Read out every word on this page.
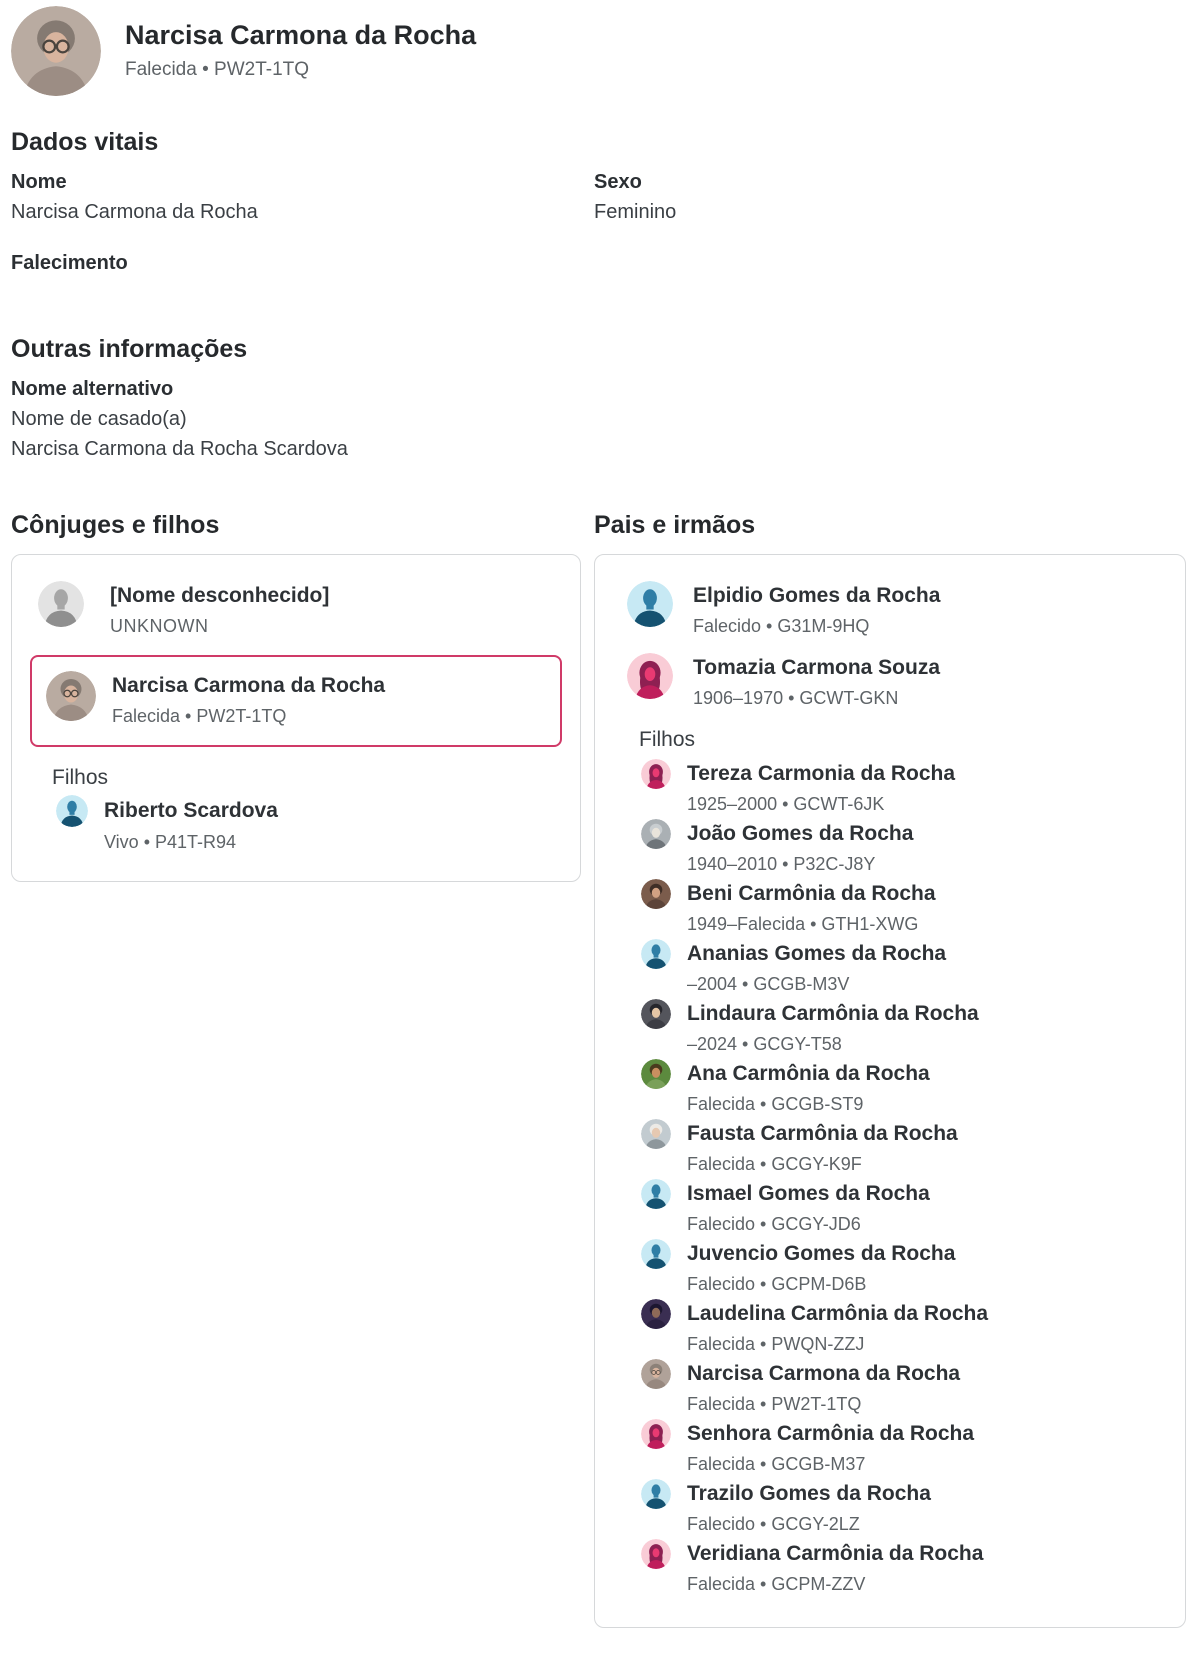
Narcisa Carmona da Rocha
Falecida • PW2T-1TQ
Dados vitais
Nome
Narcisa Carmona da Rocha
Sexo
Feminino
Falecimento
Outras informações
Nome alternativo
Nome de casado(a)
Narcisa Carmona da Rocha Scardova
Cônjuges e filhos
[Nome desconhecido]
UNKNOWN
Narcisa Carmona da Rocha
Falecida • PW2T-1TQ
Filhos
Riberto Scardova
Vivo • P41T-R94
Pais e irmãos
Elpidio Gomes da Rocha
Falecido • G31M-9HQ
Tomazia Carmona Souza
1906–1970 • GCWT-GKN
Filhos
Tereza Carmonia da Rocha
1925–2000 • GCWT-6JK
João Gomes da Rocha
1940–2010 • P32C-J8Y
Beni Carmônia da Rocha
1949–Falecida • GTH1-XWG
Ananias Gomes da Rocha
–2004 • GCGB-M3V
Lindaura Carmônia da Rocha
–2024 • GCGY-T58
Ana Carmônia da Rocha
Falecida • GCGB-ST9
Fausta Carmônia da Rocha
Falecida • GCGY-K9F
Ismael Gomes da Rocha
Falecido • GCGY-JD6
Juvencio Gomes da Rocha
Falecido • GCPM-D6B
Laudelina Carmônia da Rocha
Falecida • PWQN-ZZJ
Narcisa Carmona da Rocha
Falecida • PW2T-1TQ
Senhora Carmônia da Rocha
Falecida • GCGB-M37
Trazilo Gomes da Rocha
Falecido • GCGY-2LZ
Veridiana Carmônia da Rocha
Falecida • GCPM-ZZV
